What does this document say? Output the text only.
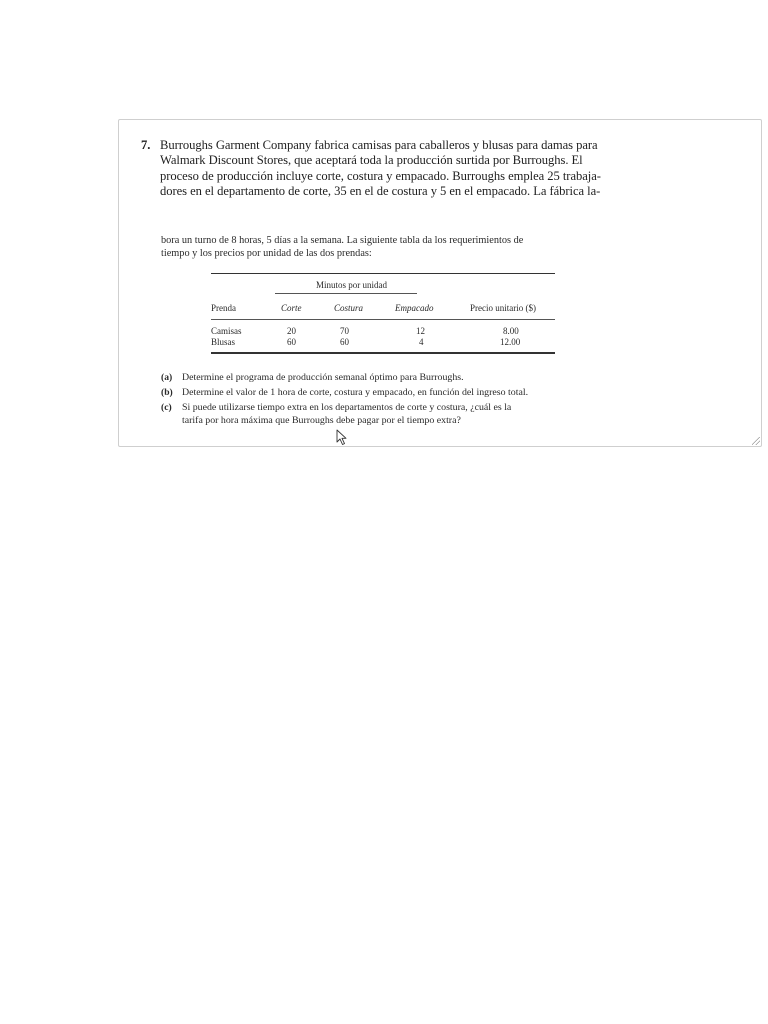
7. Burroughs Garment Company fabrica camisas para caballeros y blusas para damas para
Walmark Discount Stores, que aceptará toda la producción surtida por Burroughs. El
proceso de producción incluye corte, costura y empacado. Burroughs emplea 25 trabaja-
dores en el departamento de corte, 35 en el de costura y 5 en el empacado. La fábrica la-
bora un turno de 8 horas, 5 días a la semana. La siguiente tabla da los requerimientos de
tiempo y los precios por unidad de las dos prendas:
Minutos por unidad
Prenda	Corte	Costura	Empacado	Precio unitario ($)
Camisas	20	70	12	8.00
Blusas	60	60	4	12.00
(a) Determine el programa de producción semanal óptimo para Burroughs.
(b) Determine el valor de 1 hora de corte, costura y empacado, en función del ingreso total.
(c) Si puede utilizarse tiempo extra en los departamentos de corte y costura, ¿cuál es la
tarifa por hora máxima que Burroughs debe pagar por el tiempo extra?
